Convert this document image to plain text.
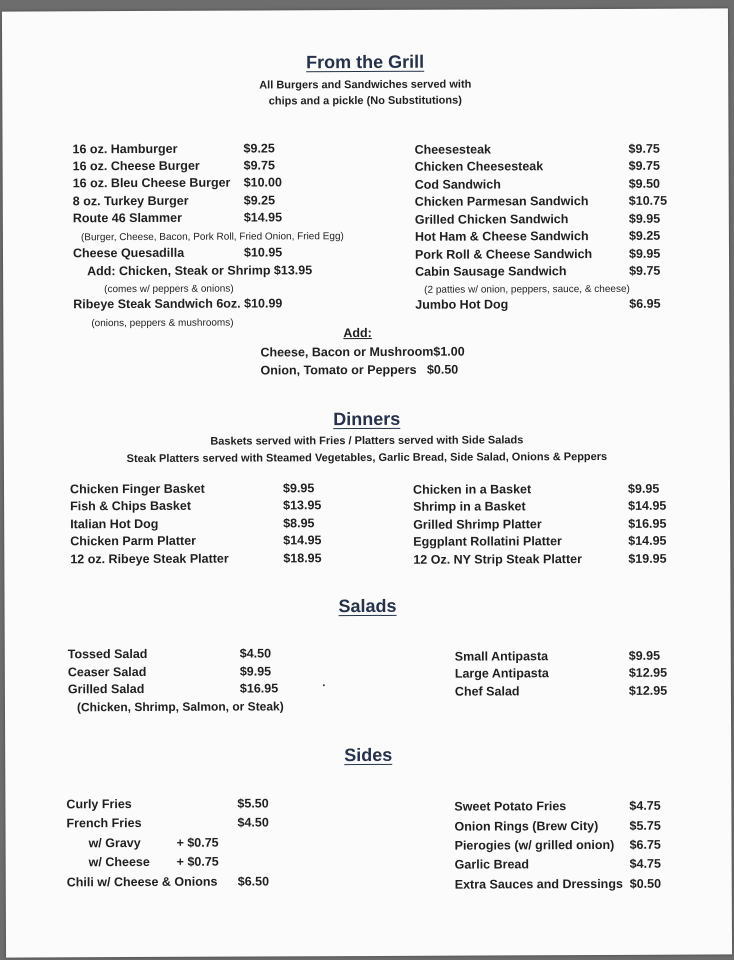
From the Grill
All Burgers and Sandwiches served with
chips and a pickle (No Substitutions)
16 oz. Hamburger	$9.25
16 oz. Cheese Burger	$9.75
16 oz. Bleu Cheese Burger $10.00
8 oz. Turkey Burger	$9.25
Route 46 Slammer	$14.95
(Burger, Cheese, Bacon, Pork Roll, Fried Onion, Fried Egg)
Cheese Quesadilla	$10.95
Add: Chicken, Steak or Shrimp $13.95
(comes w/ peppers & onions)
Ribeye Steak Sandwich 6oz. $10.99
(onions, peppers & mushrooms)
Cheesesteak	$9.75
Chicken Cheesesteak	$9.75
Cod Sandwich	$9.50
Chicken Parmesan Sandwich	$10.75
Grilled Chicken Sandwich	$9.95
Hot Ham & Cheese Sandwich	$9.25
Pork Roll & Cheese Sandwich	$9.95
Cabin Sausage Sandwich	$9.75
(2 patties w/ onion, peppers, sauce, & cheese)
Jumbo Hot Dog	$6.95
Add:
Cheese, Bacon or Mushroom$1.00
Onion, Tomato or Peppers   $0.50
Dinners
Baskets served with Fries / Platters served with Side Salads
Steak Platters served with Steamed Vegetables, Garlic Bread, Side Salad, Onions & Peppers
Chicken Finger Basket	$9.95
Fish & Chips Basket	$13.95
Italian Hot Dog	$8.95
Chicken Parm Platter	$14.95
12 oz. Ribeye Steak Platter	$18.95
Chicken in a Basket	$9.95
Shrimp in a Basket	$14.95
Grilled Shrimp Platter	$16.95
Eggplant Rollatini Platter	$14.95
12 Oz. NY Strip Steak Platter	$19.95
Salads
Tossed Salad	$4.50
Ceaser Salad	$9.95
Grilled Salad	$16.95
(Chicken, Shrimp, Salmon, or Steak)
Small Antipasta	$9.95
Large Antipasta	$12.95
Chef Salad	$12.95
Sides
Curly Fries	$5.50
French Fries	$4.50
w/ Gravy	+ $0.75
w/ Cheese + $0.75
Chili w/ Cheese & Onions $6.50
Sweet Potato Fries	$4.75
Onion Rings (Brew City) $5.75
Pierogies (w/ grilled onion) $6.75
Garlic Bread	$4.75
Extra Sauces and Dressings $0.50
